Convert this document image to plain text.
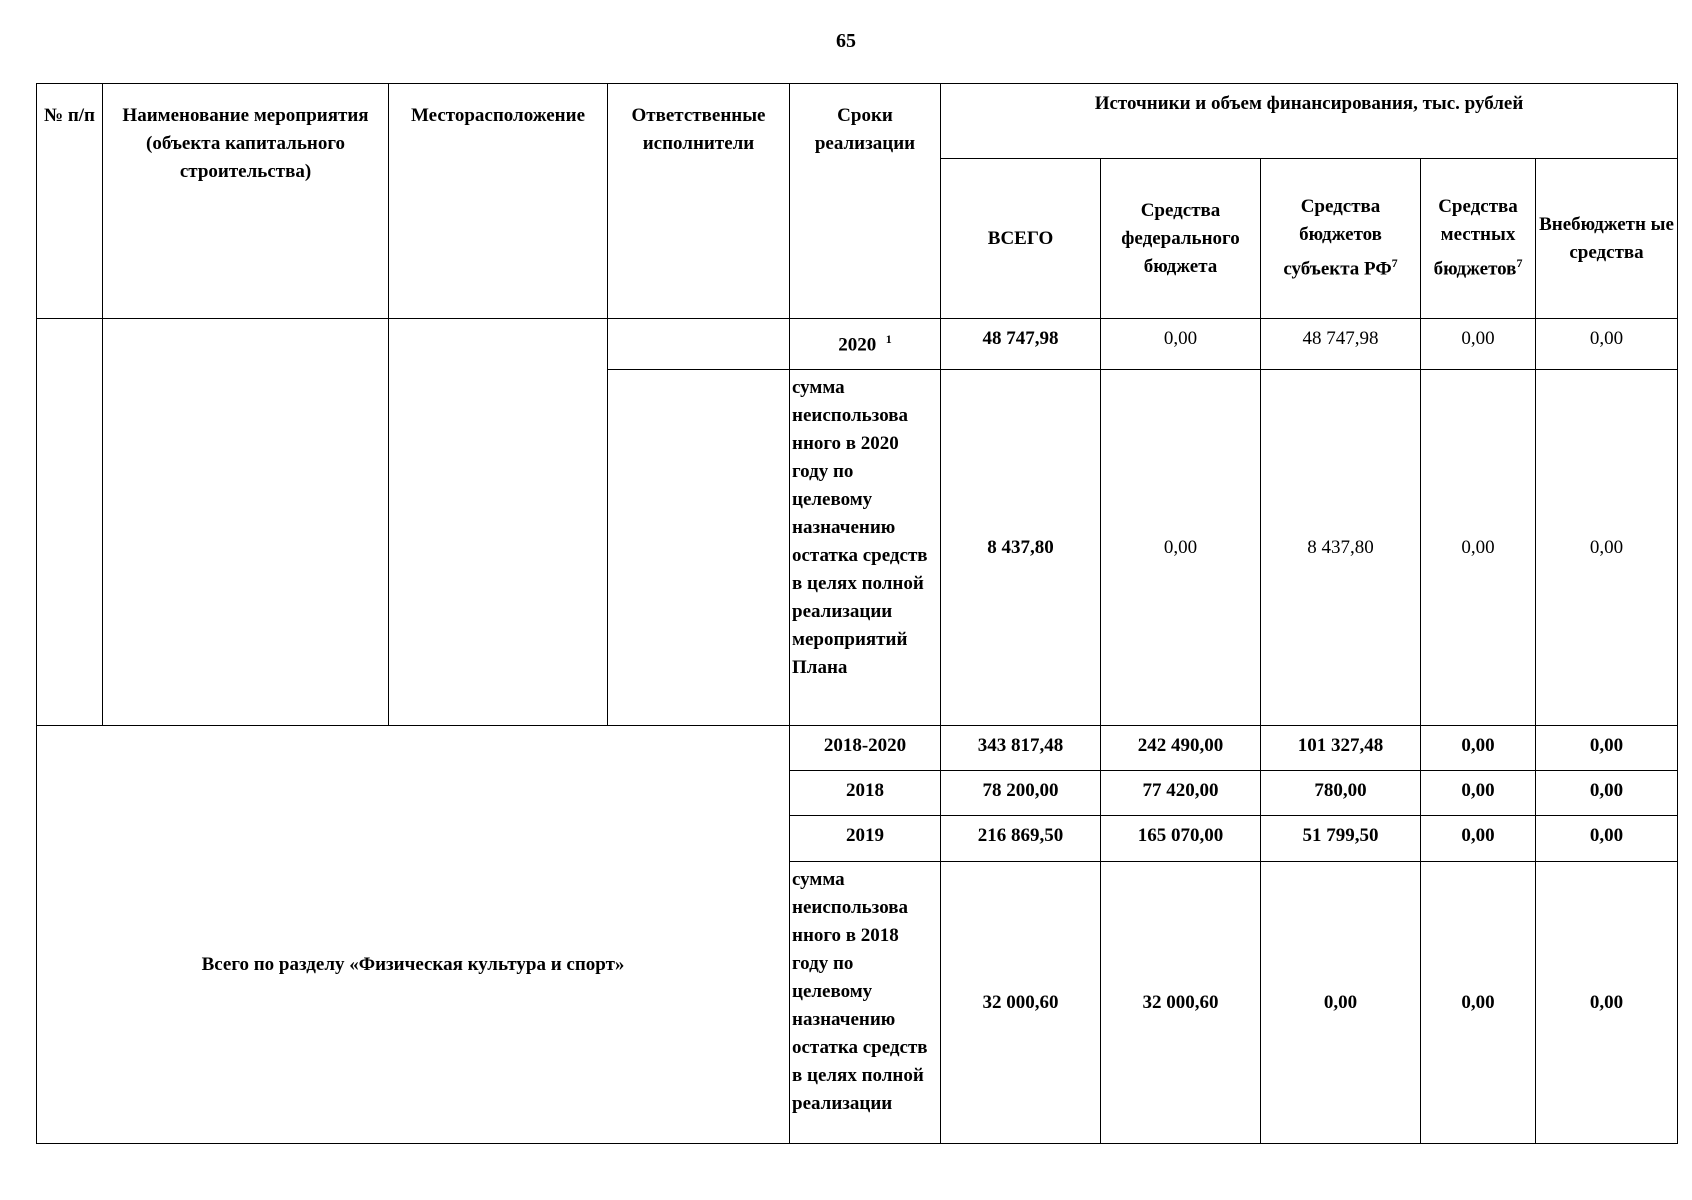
65
№ п/п	Наименование мероприятия (объекта капитального строительства)	Месторасположение	Ответственные исполнители	Сроки реализации	Источники и объем финансирования, тыс. рублей				
					ВСЕГО	Средства федерального бюджета	Средства бюджетов субъекта $РФ^7$	Средства местных бюджетов$^7$	Внебюджетн ые средства
				2020 $^1$	48 747,98	0,00	48 747,98	0,00	0,00
				сумма неиспользова нного в 2020 году по целевому назначению остатка средств в целях полной реализации мероприятий Плана	8 437,80	0,00	8 437,80	0,00	0,00
Всего по разделу «Физическая культура и спорт»				2018-2020	343 817,48	242 490,00	101 327,48	0,00	0,00
				2018	78 200,00	77 420,00	780,00	0,00	0,00
				2019	216 869,50	165 070,00	51 799,50	0,00	0,00
				сумма неиспользова нного в 2018 году по целевому назначению остатка средств в целях полной реализации	32 000,60	32 000,60	0,00	0,00	0,00
